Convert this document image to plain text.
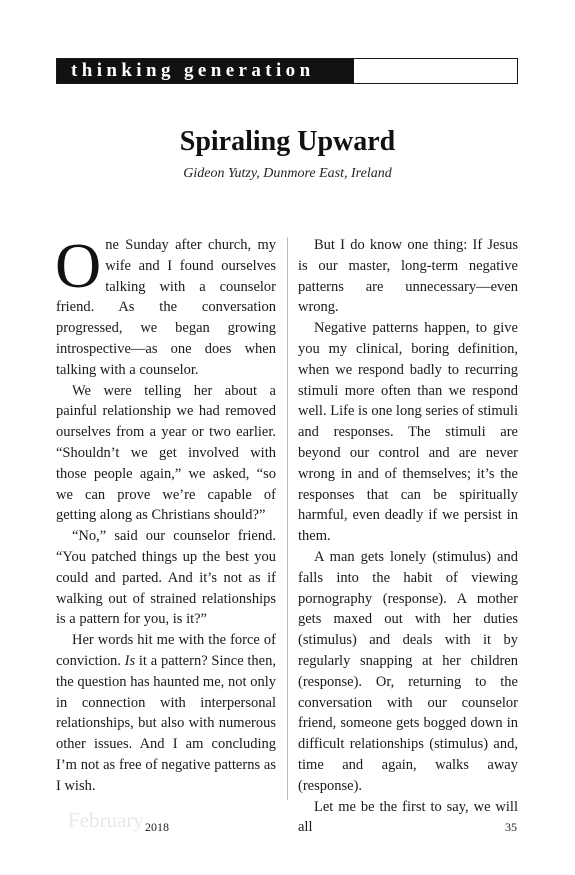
thinking generation
Spiraling Upward
Gideon Yutzy, Dunmore East, Ireland

One Sunday after church, my wife and I found ourselves talking with a counselor friend. As the conversation progressed, we began growing introspective—as one does when talking with a counselor.

We were telling her about a painful relationship we had removed ourselves from a year or two earlier. “Shouldn’t we get involved with those people again,” we asked, “so we can prove we’re capable of getting along as Christians should?”

“No,” said our counselor friend. “You patched things up the best you could and parted. And it’s not as if walking out of strained relationships is a pattern for you, is it?”

Her words hit me with the force of conviction. Is it a pattern? Since then, the question has haunted me, not only in connection with interpersonal relationships, but also with numerous other issues. And I am concluding I’m not as free of negative patterns as I wish.

But I do know one thing: If Jesus is our master, long-term negative patterns are unnecessary—even wrong.

Negative patterns happen, to give you my clinical, boring definition, when we respond badly to recurring stimuli more often than we respond well. Life is one long series of stimuli and responses. The stimuli are beyond our control and are never wrong in and of themselves; it’s the responses that can be spiritually harmful, even deadly if we persist in them.

A man gets lonely (stimulus) and falls into the habit of viewing pornography (response). A mother gets maxed out with her duties (stimulus) and deals with it by regularly snapping at her children (response). Or, returning to the conversation with our counselor friend, someone gets bogged down in difficult relationships (stimulus) and, time and again, walks away (response).

Let me be the first to say, we will all

February 2018	35
